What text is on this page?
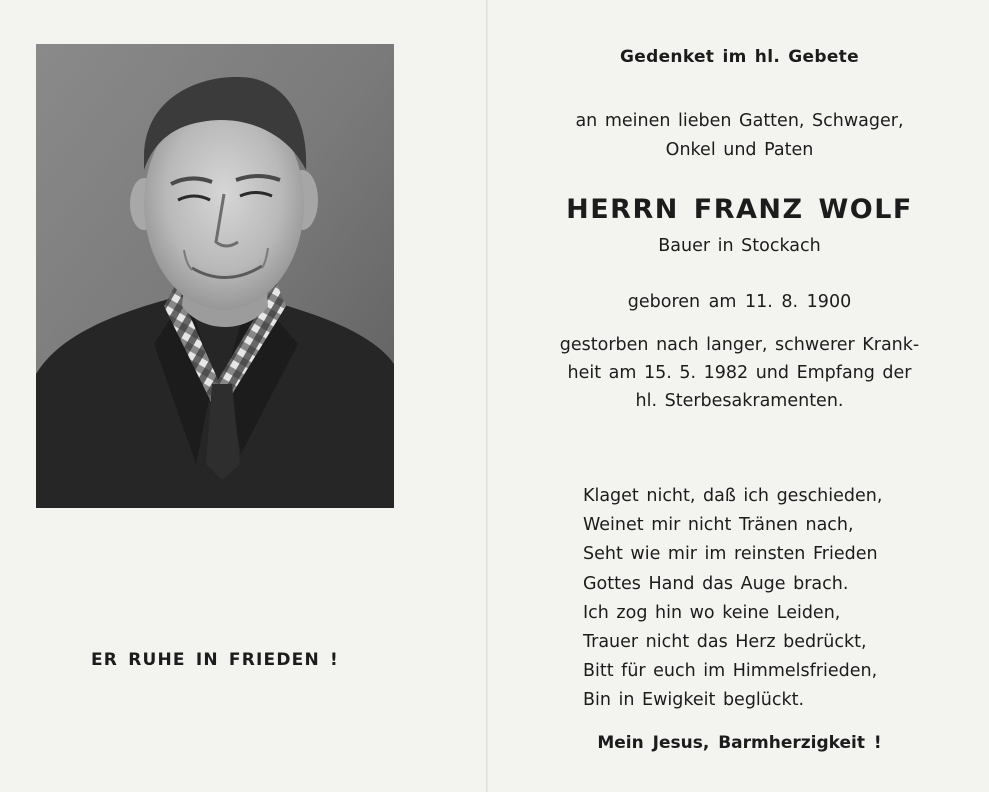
ER RUHE IN FRIEDEN !
Gedenket im hl. Gebete
an meinen lieben Gatten, Schwager,
Onkel und Paten
HERRN FRANZ WOLF
Bauer in Stockach
geboren am 11. 8. 1900
gestorben nach langer, schwerer Krank-
heit am 15. 5. 1982 und Empfang der
hl. Sterbesakramenten.
Klaget nicht, daß ich geschieden,
Weinet mir nicht Tränen nach,
Seht wie mir im reinsten Frieden
Gottes Hand das Auge brach.
Ich zog hin wo keine Leiden,
Trauer nicht das Herz bedrückt,
Bitt für euch im Himmelsfrieden,
Bin in Ewigkeit beglückt.
Mein Jesus, Barmherzigkeit !
